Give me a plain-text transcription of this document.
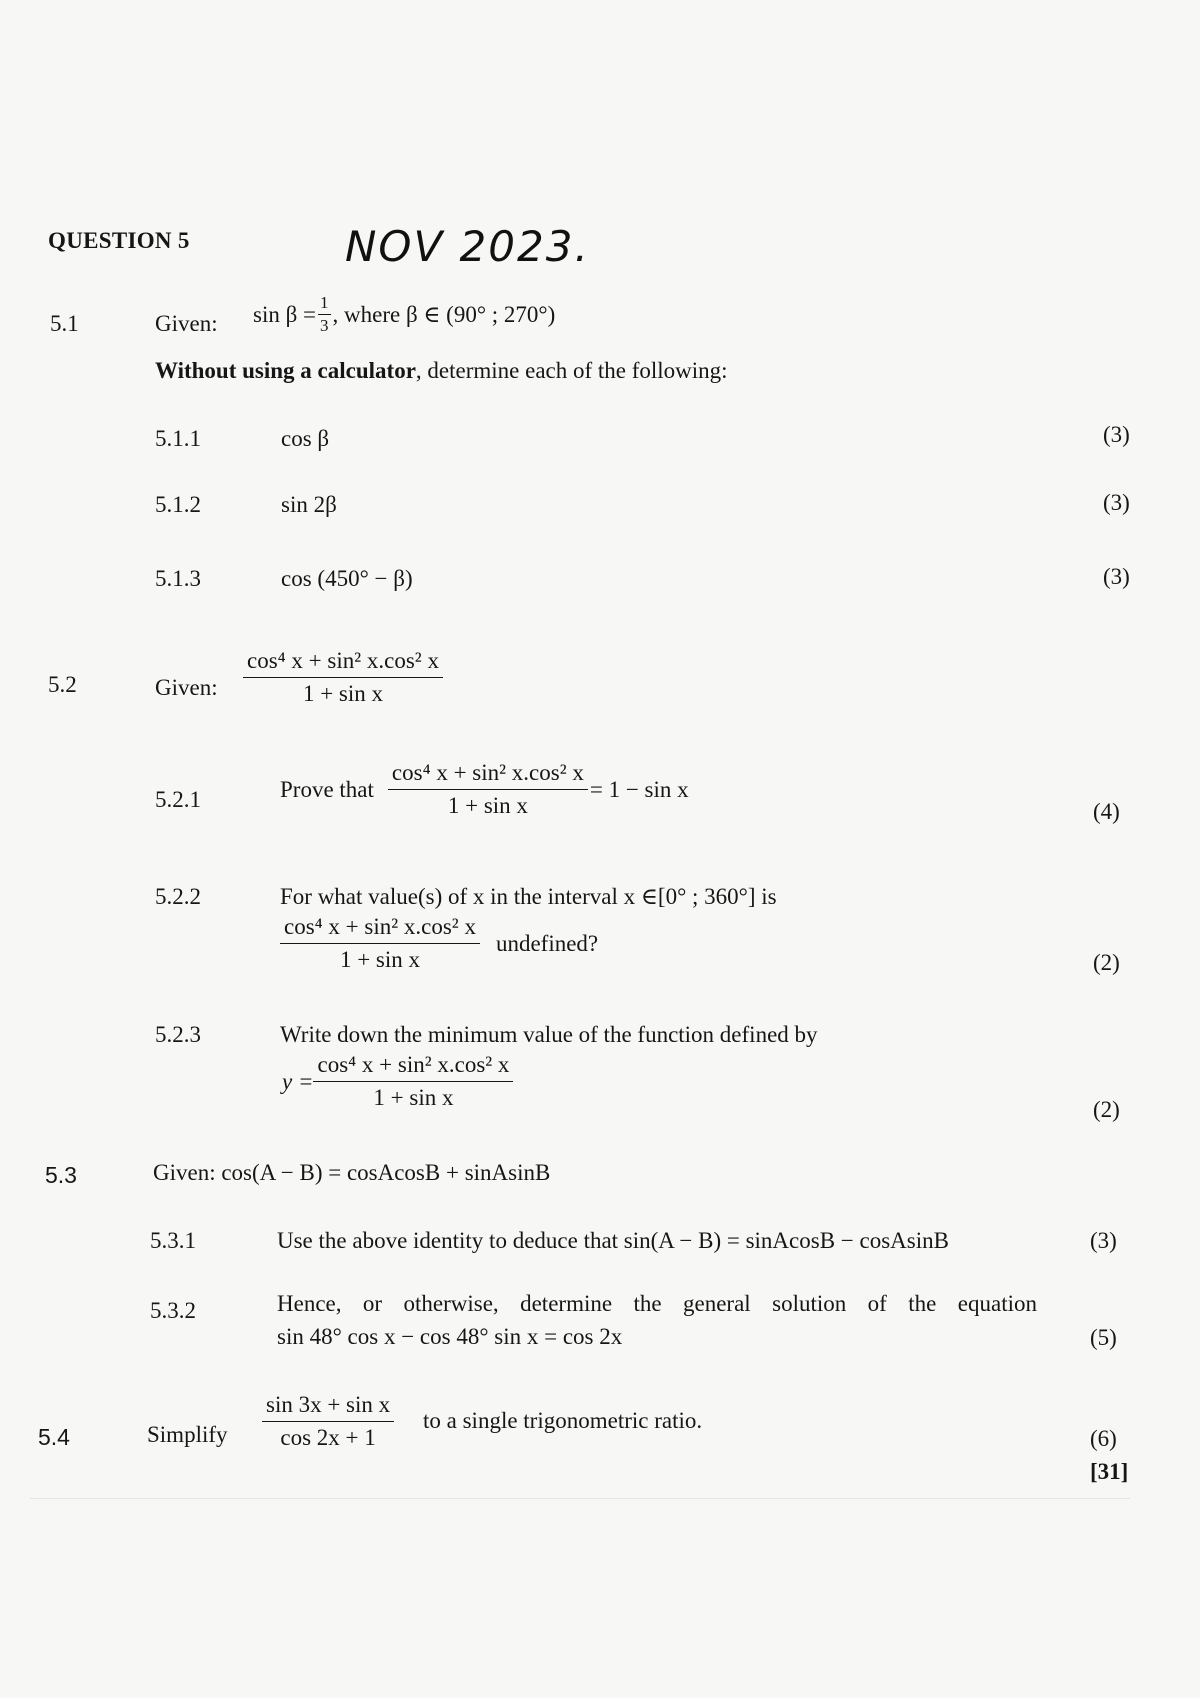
QUESTION 5	NOV 2023.
5.1	Given: $\sin \beta = \frac{1}{3}$ , where β ∈ (90° ; 270°)
Without using a calculator, determine each of the following:
5.1.1	cos β	(3)
5.1.2	sin 2β	(3)
5.1.3	cos (450° − β)	(3)
5.2	Given: $\frac{\text{cos⁴ x + sin² x.cos² x}}{\text{1 + sin x}}$
5.2.1	Prove that $\frac{\text{cos⁴ x + sin² x.cos² x}}{\text{1 + sin x}} = 1 - \sin x$
(4)
5.2.2	For what value(s) of x in the interval x ∈[0° ; 360°] is
$\frac{\text{cos⁴ x + sin² x.cos² x}}{\text{1 + sin x}}$ undefined?
(2)
5.2.3	Write down the minimum value of the function defined by
$y = \frac{\text{cos⁴ x + sin² x.cos² x}}{\text{1 + sin x}}$	(2)
5.3	Given: cos(A − B) = cosAcosB + sinAsinB
5.3.1	Use the above identity to deduce that sin(A − B) = sinAcosB − cosAsinB	(3)
5.3.2	Hence, or otherwise, determine the general solution of the equation
sin 48° cos x − cos 48° sin x = cos 2x	(5)
5.4	Simplify $\frac{\text{sin 3x + sin x}}{\cos 2x + 1}$ to a single trigonometric ratio.
(6)
[31]
